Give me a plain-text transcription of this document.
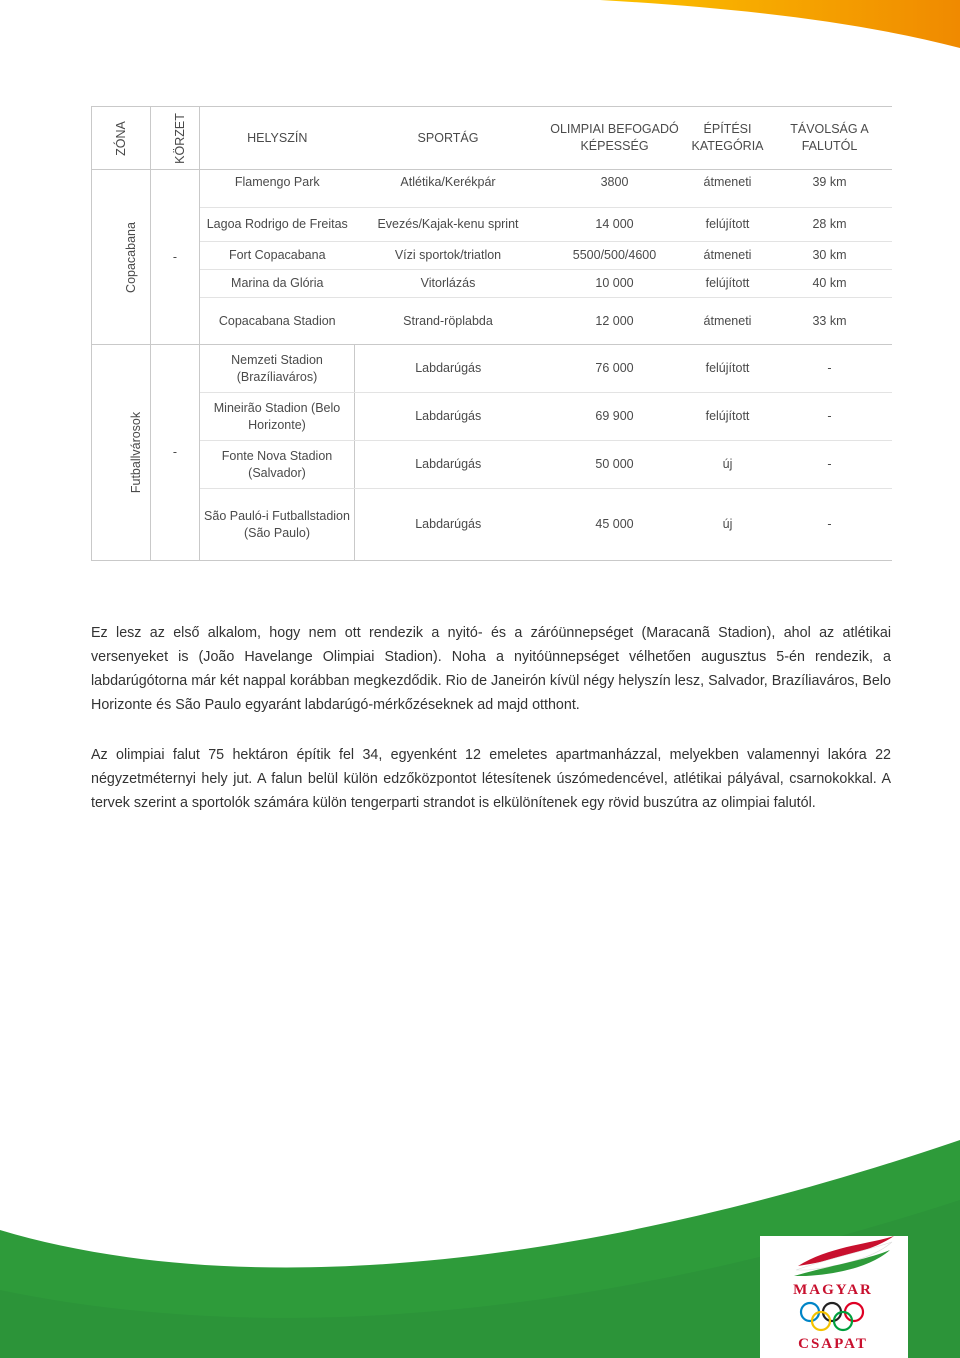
ZÓNA	KÖRZET	HELYSZÍN	SPORTÁG	OLIMPIAI BEFOGADÓ KÉPESSÉG	ÉPÍTÉSI KATEGÓRIA	TÁVOLSÁG A FALUTÓL
Copacabana	-	Flamengo Park	Atlétika/Kerékpár	3800	átmeneti	39 km

		Lagoa Rodrigo de Freitas	Evezés/Kajak-kenu sprint	14 000	felújított	28 km
		Fort Copacabana	Vízi sportok/triatlon	5500/500/4600	átmeneti	30 km
		Marina da Glória	Vitorlázás	10 000	felújított	40 km
		Copacabana Stadion	Strand-röplabda	12 000	átmeneti	33 km
Futballvárosok	-	Nemzeti Stadion (Brazíliaváros)	Labdarúgás	76 000	felújított	-
		Mineirão Stadion (Belo Horizonte)	Labdarúgás	69 900	felújított	-
		Fonte Nova Stadion (Salvador)	Labdarúgás	50 000	új	-
		São Pauló-i Futballstadion (São Paulo)	Labdarúgás	45 000	új	-

Ez lesz az első alkalom, hogy nem ott rendezik a nyitó- és a záróünnepséget (Maracanã Stadion), ahol az atlétikai versenyeket is (João Havelange Olimpiai Stadion). Noha a nyitóünnepséget vélhetően augusztus 5-én rendezik, a labdarúgótorna már két nappal korábban megkezdődik. Rio de Janeirón kívül négy helyszín lesz, Salvador, Brazíliaváros, Belo Horizonte és São Paulo egyaránt labdarúgó-mérkőzéseknek ad majd otthont.

Az olimpiai falut 75 hektáron építik fel 34, egyenként 12 emeletes apartmanházzal, melyekben valamennyi lakóra 22 négyzetméternyi hely jut. A falun belül külön edzőközpontot létesítenek úszómedencével, atlétikai pályával, csarnokokkal. A tervek szerint a sportolók számára külön tengerparti strandot is elkülönítenek egy rövid buszútra az olimpiai falutól.

MAGYAR
CSAPAT
